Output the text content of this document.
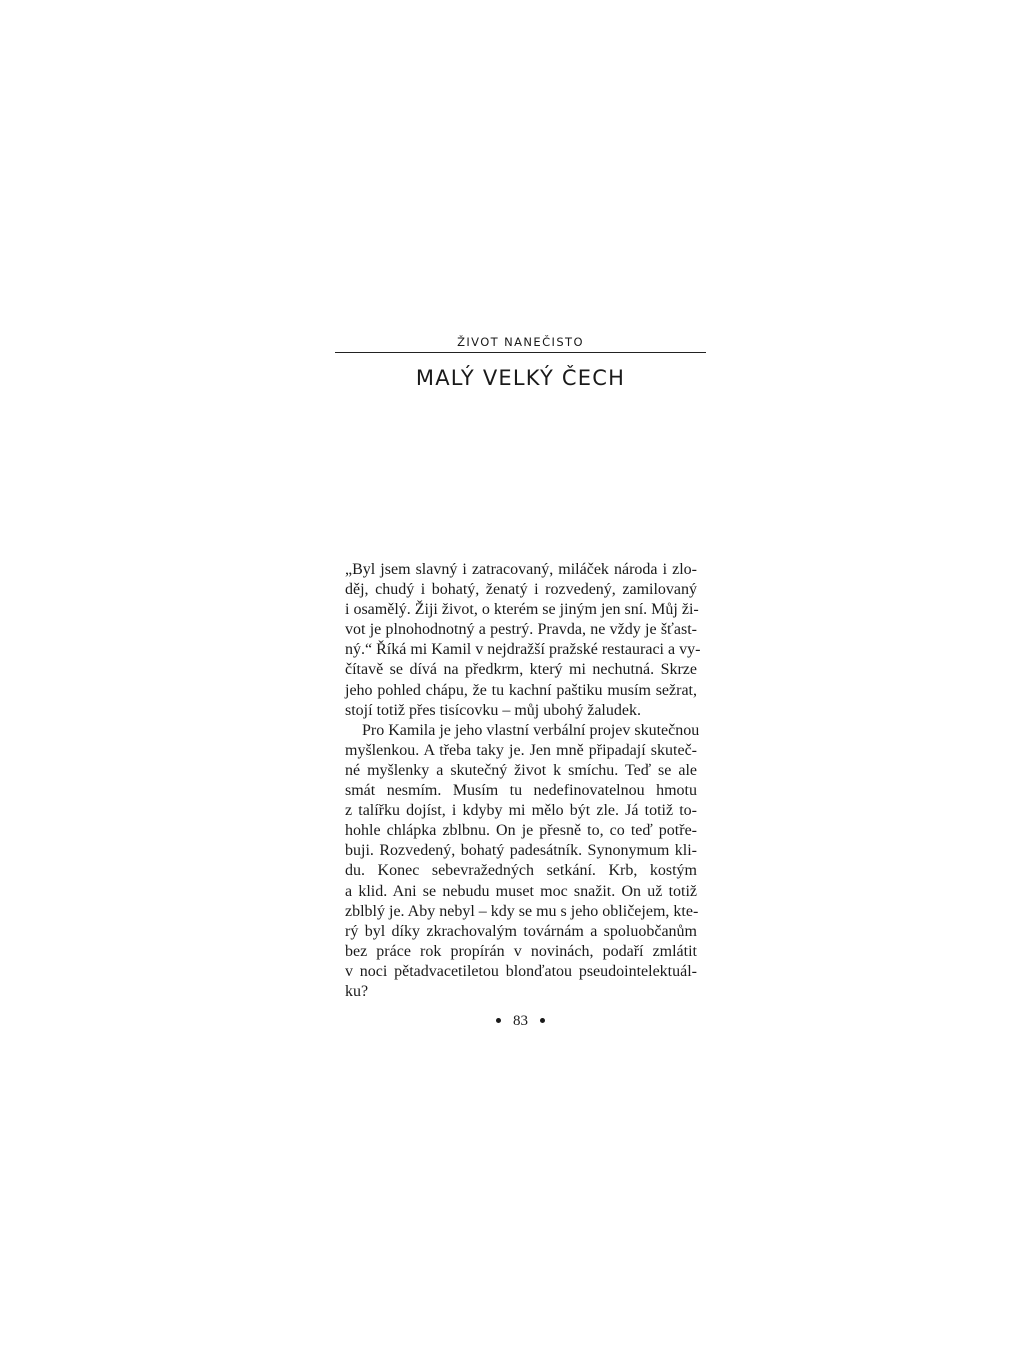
ŽIVOT NANEČISTO
MALÝ VELKÝ ČECH
„Byl jsem slavný i zatracovaný, miláček národa i zlo-
děj, chudý i bohatý, ženatý i rozvedený, zamilovaný
i osamělý. Žiji život, o kterém se jiným jen sní. Můj ži-
vot je plnohodnotný a pestrý. Pravda, ne vždy je šťast-
ný.“ Říká mi Kamil v nejdražší pražské restauraci a vy-
čítavě se dívá na předkrm, který mi nechutná. Skrze
jeho pohled chápu, že tu kachní paštiku musím sežrat,
stojí totiž přes tisícovku – můj ubohý žaludek.
Pro Kamila je jeho vlastní verbální projev skutečnou
myšlenkou. A třeba taky je. Jen mně připadají skuteč-
né myšlenky a skutečný život k smíchu. Teď se ale
smát nesmím. Musím tu nedefinovatelnou hmotu
z talířku dojíst, i kdyby mi mělo být zle. Já totiž to-
hohle chlápka zblbnu. On je přesně to, co teď potře-
buji. Rozvedený, bohatý padesátník. Synonymum kli-
du. Konec sebevražedných setkání. Krb, kostým
a klid. Ani se nebudu muset moc snažit. On už totiž
zblblý je. Aby nebyl – kdy se mu s jeho obličejem, kte-
rý byl díky zkrachovalým továrnám a spoluobčanům
bez práce rok propírán v novinách, podaří zmlátit
v noci pětadvacetiletou blonďatou pseudointelektuál-
ku?
83
